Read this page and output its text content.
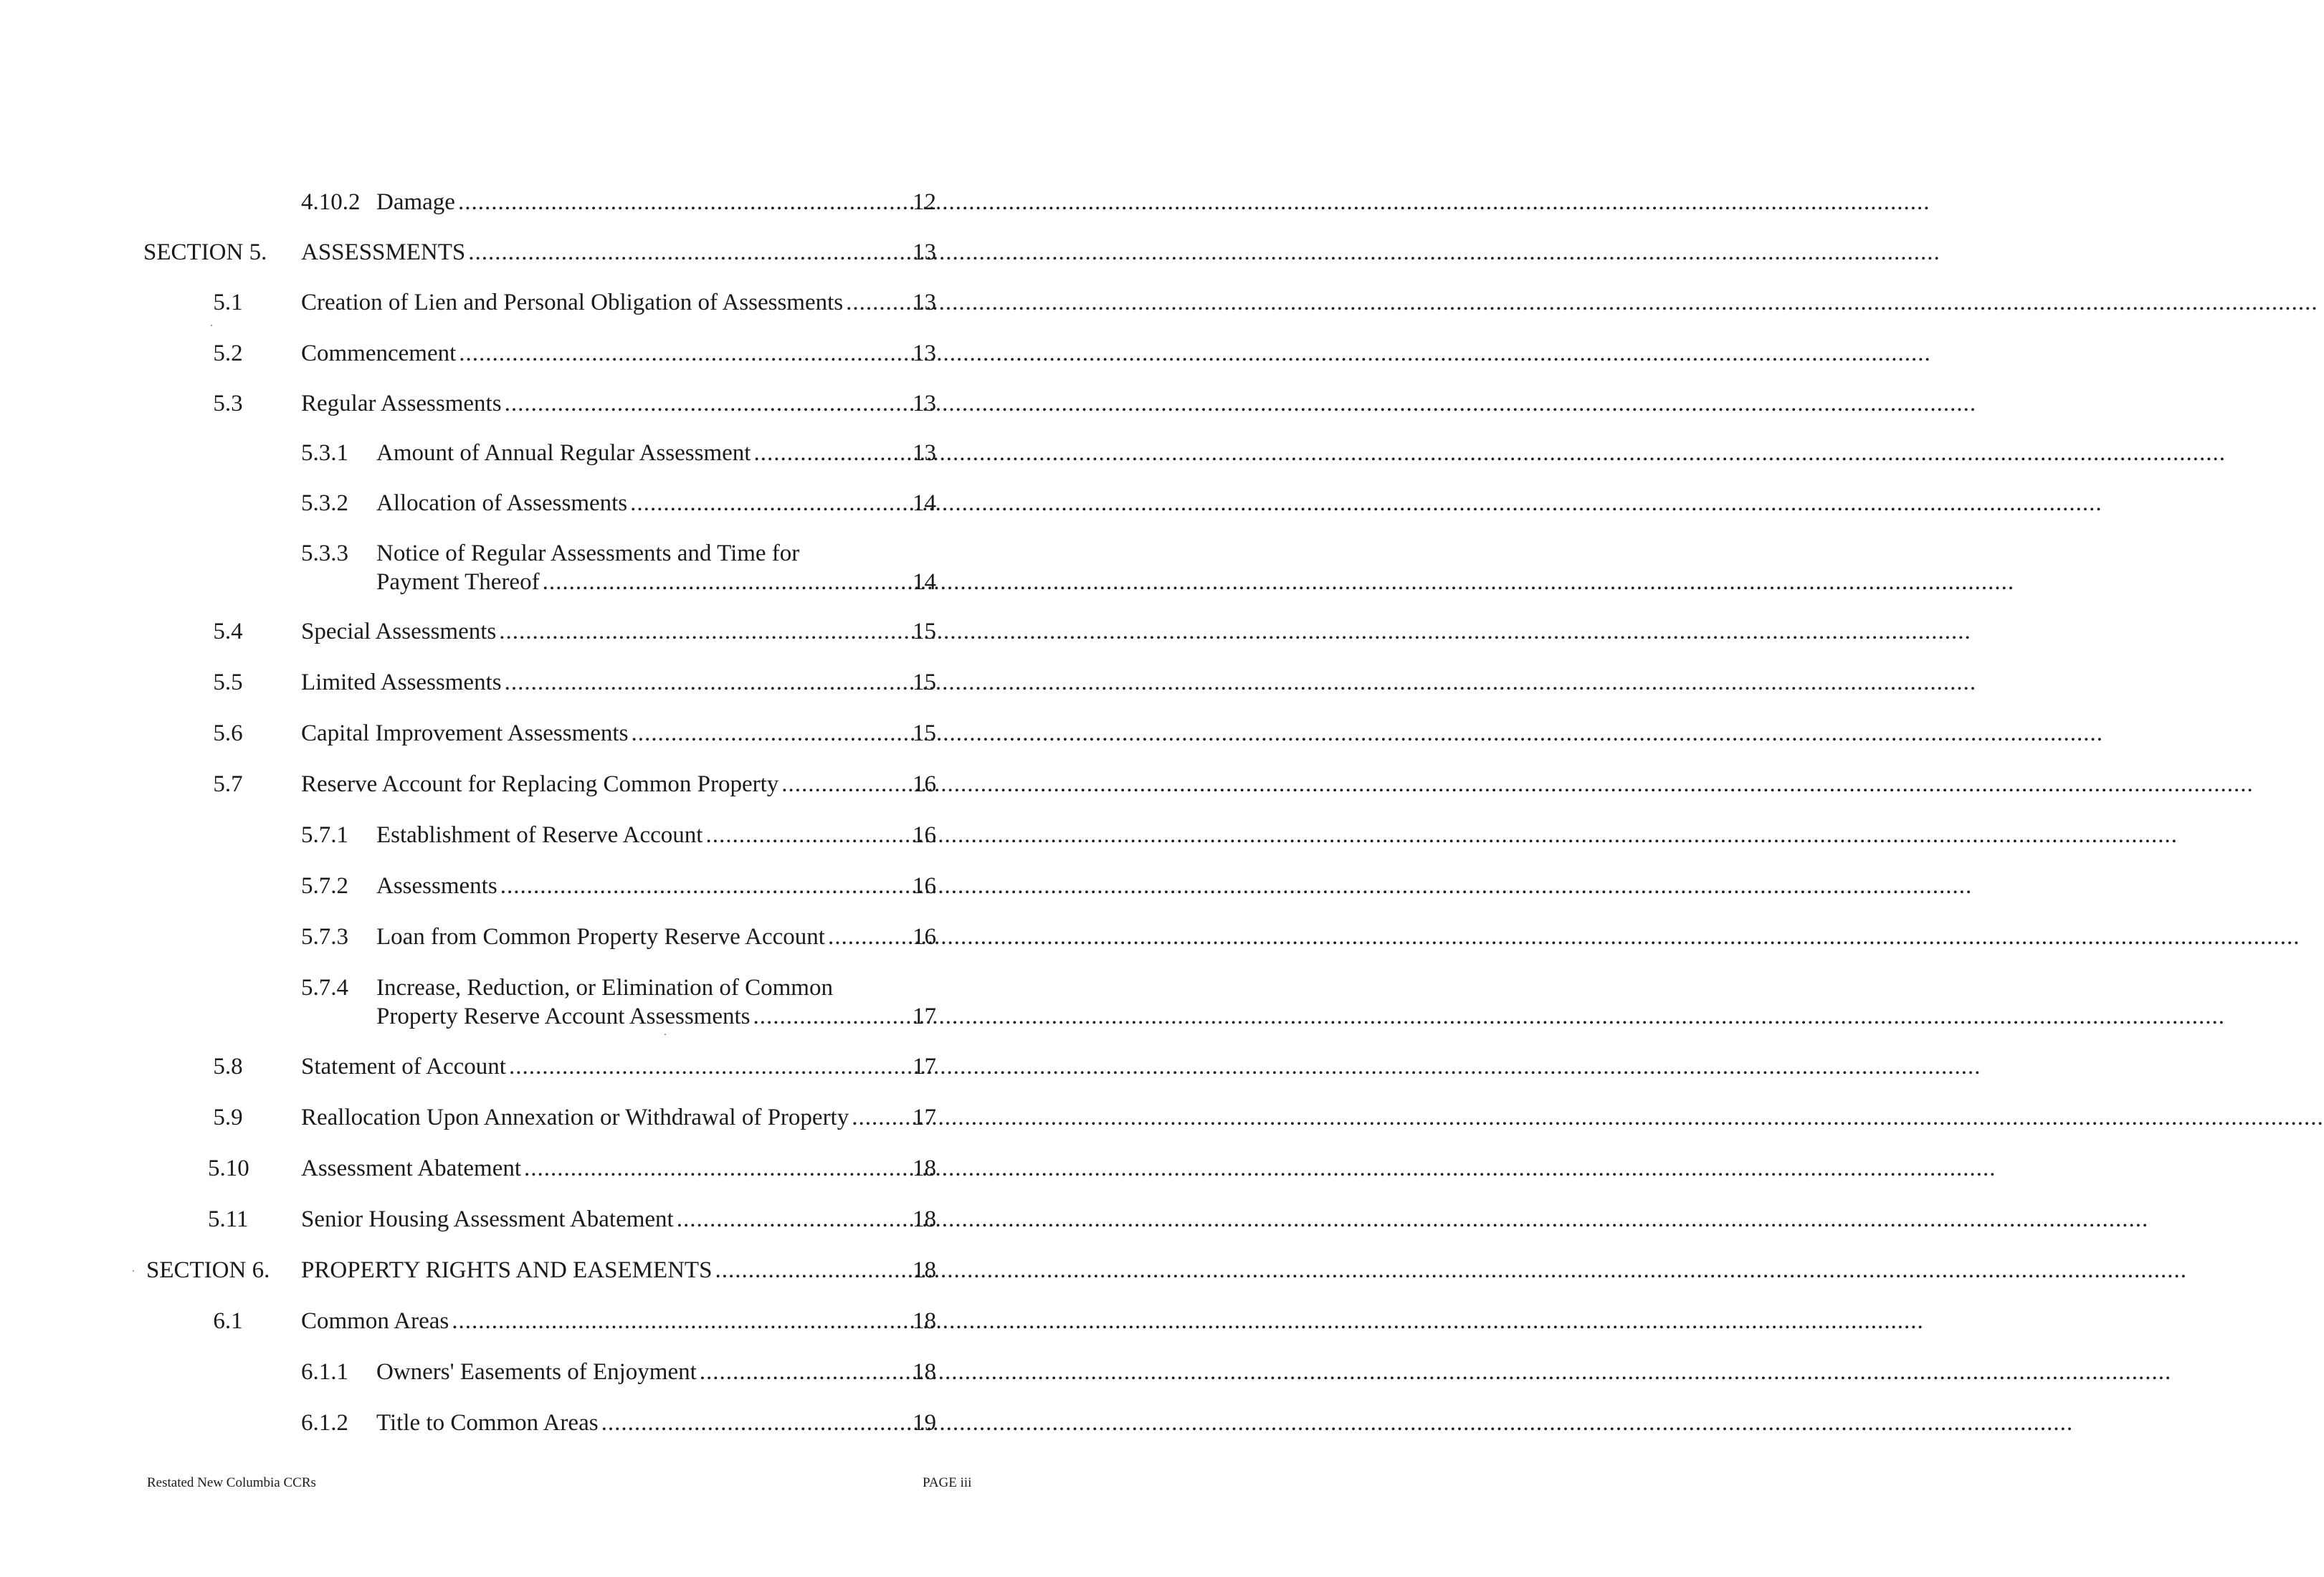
4.10.2 Damage .....	12
SECTION 5. ASSESSMENTS .....	13
5.1 Creation of Lien and Personal Obligation of Assessments .....	13
5.2 Commencement .....	13
5.3 Regular Assessments .....	13
5.3.1 Amount of Annual Regular Assessment .....	13
5.3.2 Allocation of Assessments .....	14
5.3.3 Notice of Regular Assessments and Time for
Payment Thereof .....	14
5.4 Special Assessments .....	15
5.5 Limited Assessments .....	15
5.6 Capital Improvement Assessments .....	15
5.7 Reserve Account for Replacing Common Property .....	16
5.7.1 Establishment of Reserve Account .....	16
5.7.2 Assessments .....	16
5.7.3 Loan from Common Property Reserve Account .....	16
5.7.4 Increase, Reduction, or Elimination of Common
Property Reserve Account Assessments .....	17
5.8 Statement of Account .....	17
5.9 Reallocation Upon Annexation or Withdrawal of Property .....	17
5.10 Assessment Abatement .....	18
5.11 Senior Housing Assessment Abatement .....	18
SECTION 6. PROPERTY RIGHTS AND EASEMENTS .....	18
6.1 Common Areas .....	18
6.1.1 Owners' Easements of Enjoyment .....	18
6.1.2 Title to Common Areas .....	19
Restated New Columbia CCRs	PAGE iii
